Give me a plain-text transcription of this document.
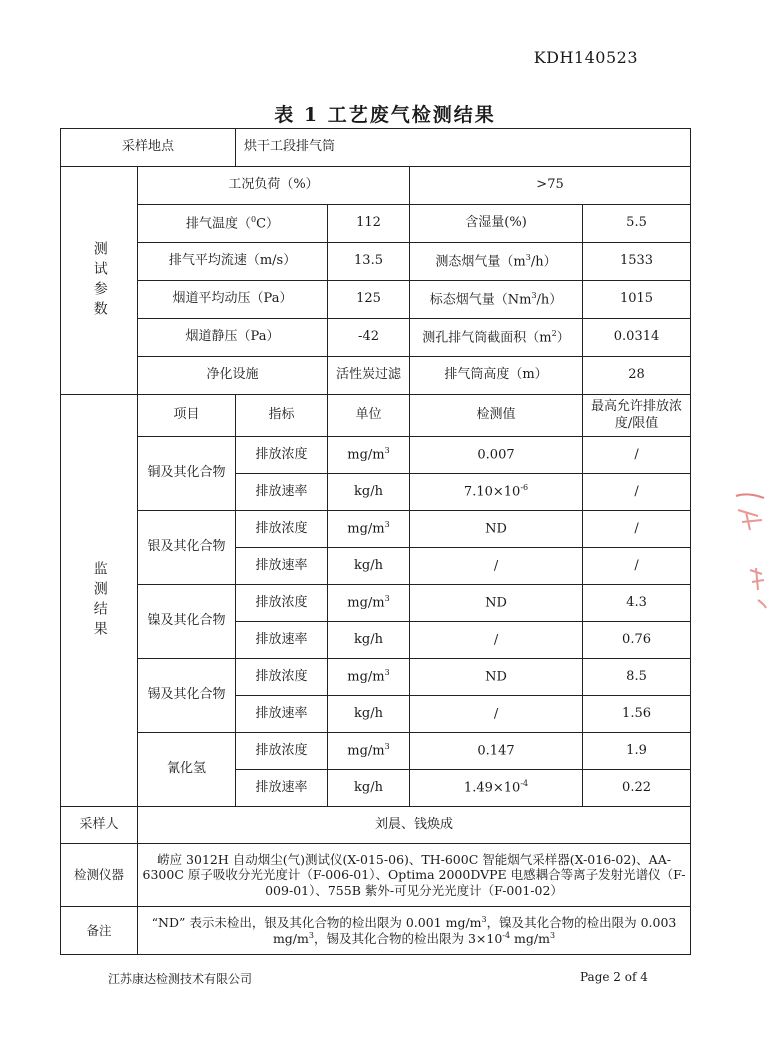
KDH140523
表 1 工艺废气检测结果
采样地点		烘干工段排气筒			
测试参数	工况负荷（%）			>75	
	排气温度（$^0$C）		112	含湿量(%)	5.5
	排气平均流速（m/s）		13.5	测态烟气量$(m^3/h)$	1533
	烟道平均动压（Pa）		125	标态烟气量（Nm$^3$/h）	1015
	烟道静压（Pa）		-42	测孔排气筒截面积$(m^2)$	0.0314
	净化设施		活性炭过滤	排气筒高度（m）	28
监测结果	项目	指标	单位	检测值	最高允许排放浓度/限值
	铜及其化合物	排放浓度	$mg/m^3$	0.007	/
		排放速率	kg/h	$7.10\times 10^{-6}$	/
	银及其化合物	排放浓度	$mg/m^3$	ND	/
		排放速率	kg/h	/	/
	镍及其化合物	排放浓度	$mg/m^3$	ND	4.3
		排放速率	kg/h	/	0.76
	锡及其化合物	排放浓度	$mg/m^3$	ND	8.5
		排放速率	kg/h	/	1.56
	氰化氢	排放浓度	$mg/m^3$	0.147	1.9
		排放速率	kg/h	$1.49\times 10^{-4}$	0.22
采样人	刘晨、钱焕成				
检测仪器	崂应 3012H 自动烟尘(气)测试仪(X-015-06)、TH-600C 智能烟气采样器(X-016-02)、AA-6300C 原子吸收分光光度计（F-006-01）、Optima 2000DVPE 电感耦合等离子发射光谱仪（F-009-01）、755B 紫外-可见分光光度计（F-001-02）				
备注	“ND” 表示未检出，银及其化合物的检出限为 0.001 $mg/m^3$，镍及其化合物的检出限为 0.003 $mg/m^3$，锡及其化合物的检出限为 $3\times 10^{-4}$ $mg/m^3$
江苏康达检测技术有限公司	Page 2 of 4
